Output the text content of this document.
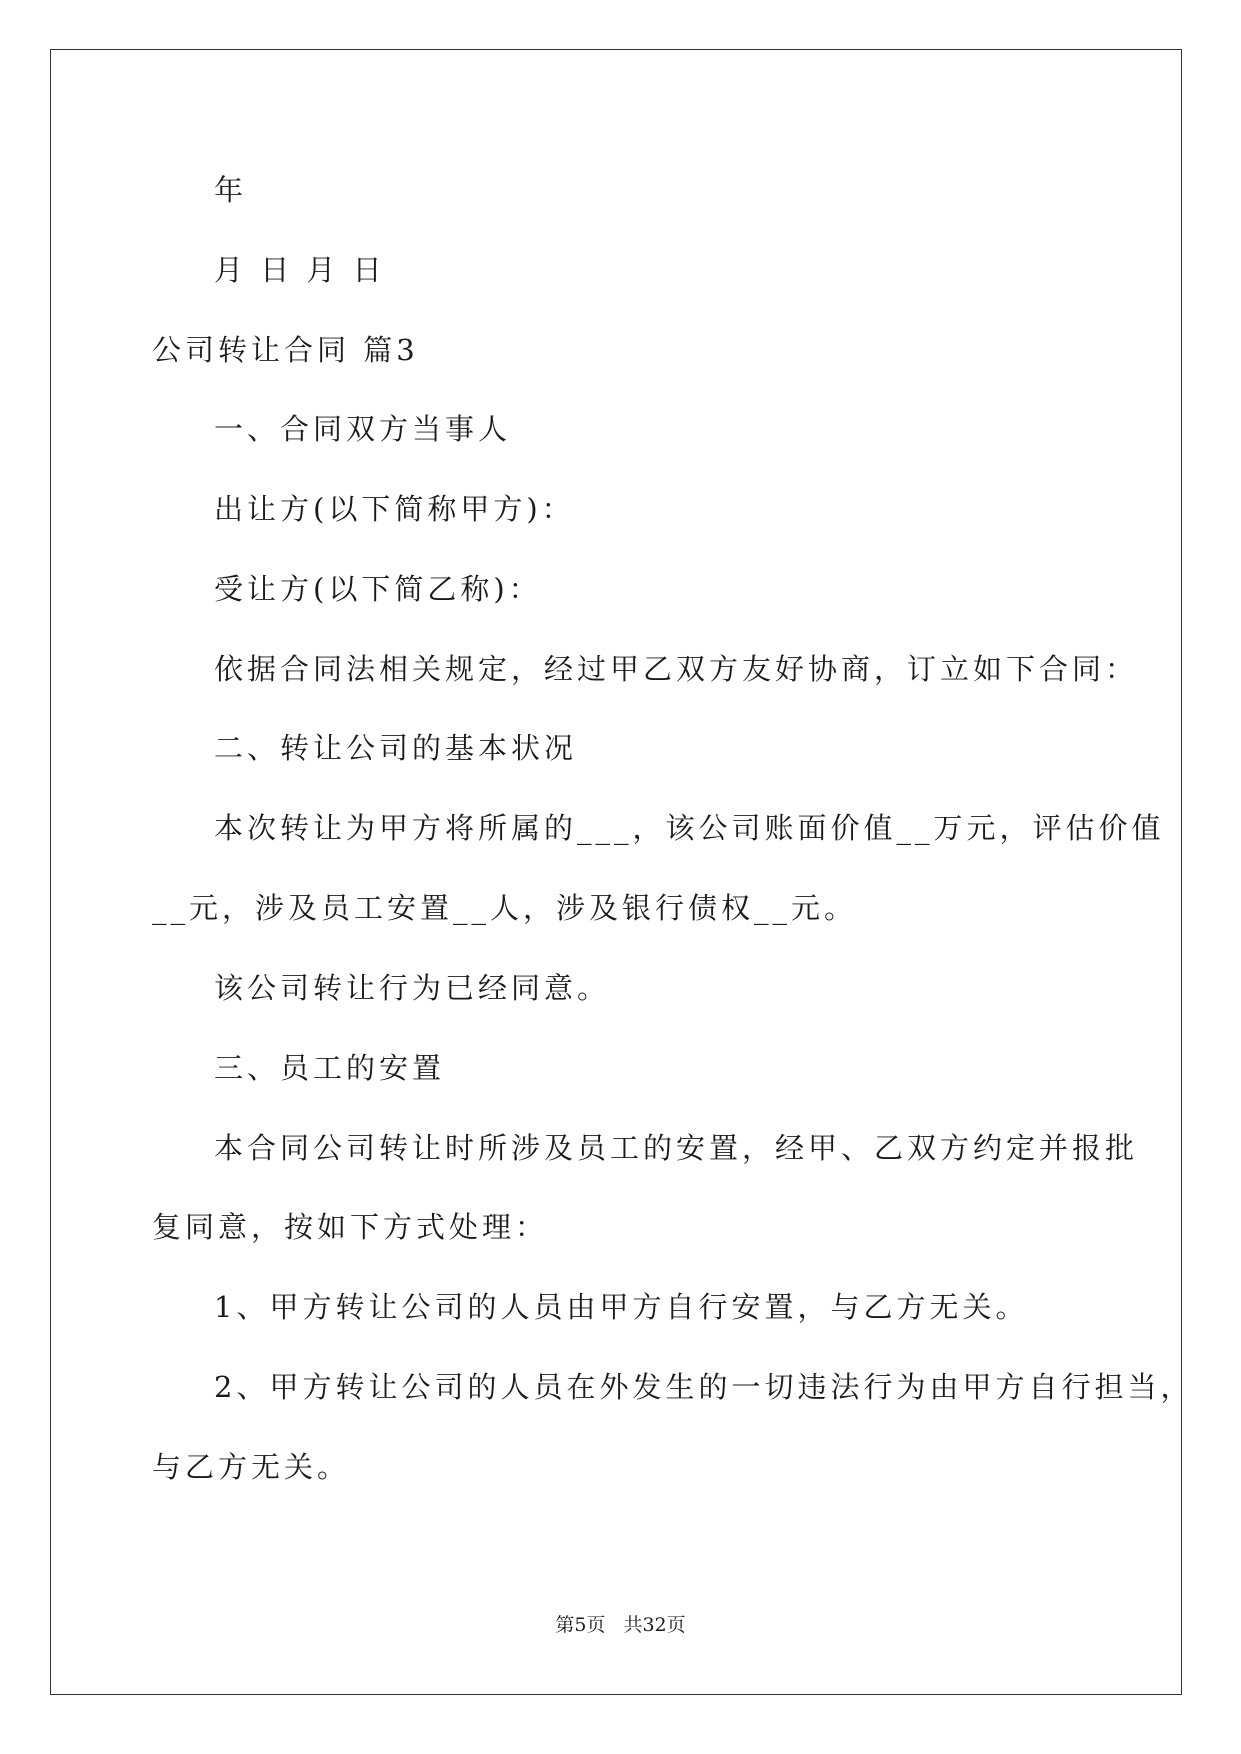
年
月 日 月 日
公司转让合同 篇3
一、合同双方当事人
出让方(以下简称甲方)：
受让方(以下简乙称)：
依据合同法相关规定，经过甲乙双方友好协商，订立如下合同：
二、转让公司的基本状况
本次转让为甲方将所属的___，该公司账面价值__万元，评估价值
__元，涉及员工安置__人，涉及银行债权__元。
该公司转让行为已经同意。
三、员工的安置
本合同公司转让时所涉及员工的安置，经甲、乙双方约定并报批
复同意，按如下方式处理：
1、甲方转让公司的人员由甲方自行安置，与乙方无关。
2、甲方转让公司的人员在外发生的一切违法行为由甲方自行担当，
与乙方无关。
第5页 共32页
